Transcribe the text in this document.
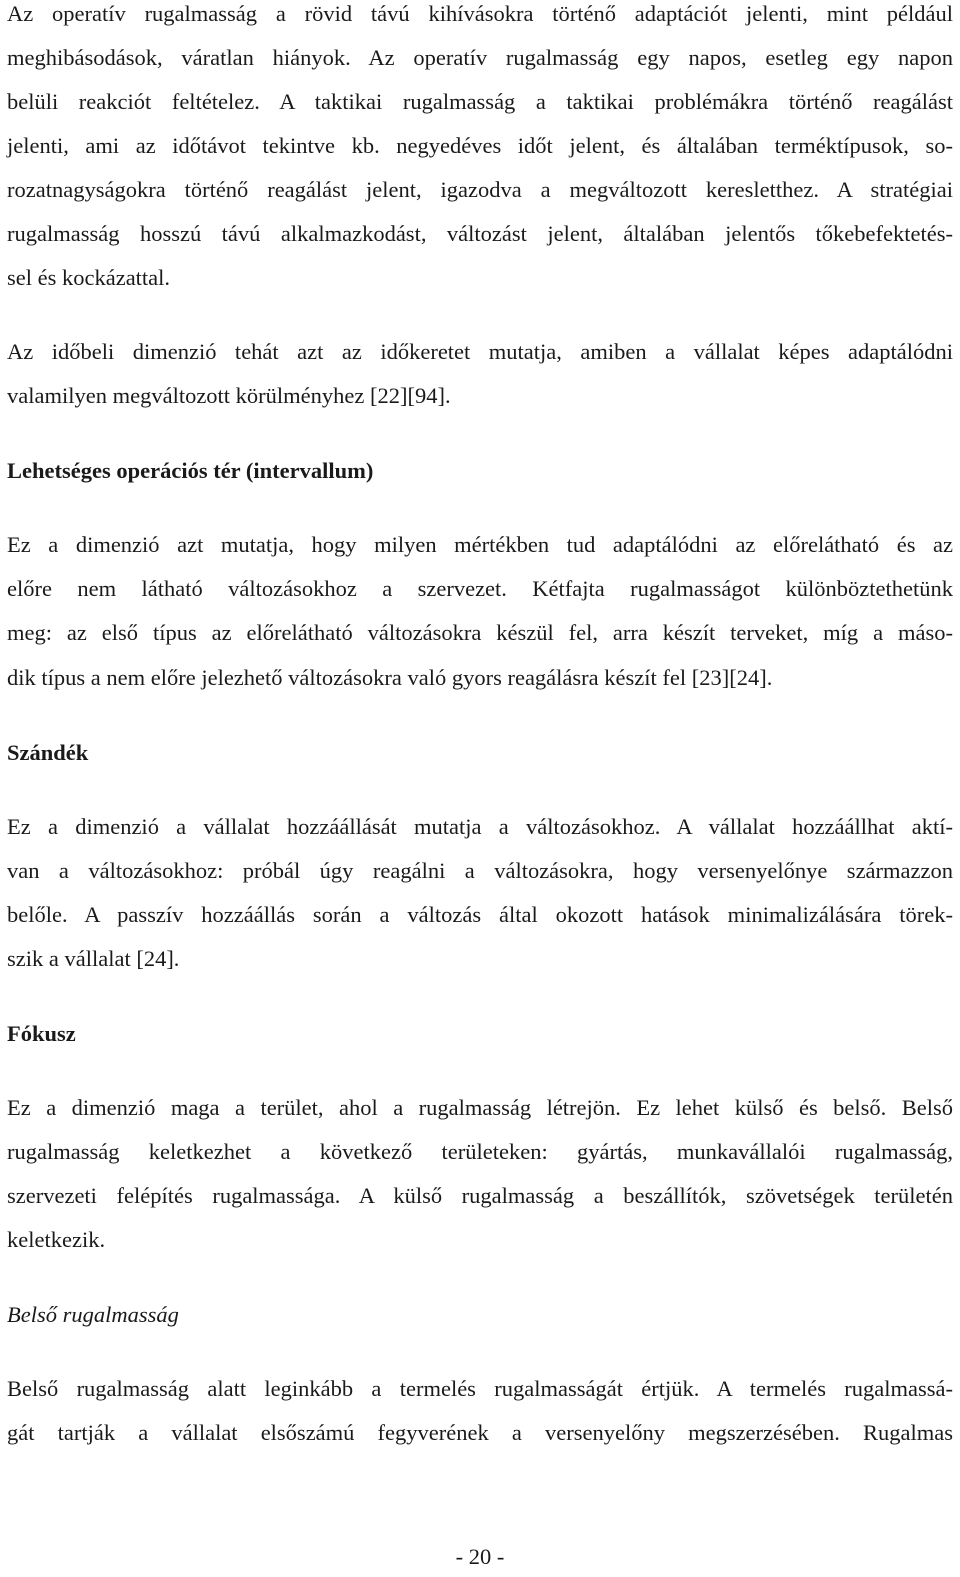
Az operatív rugalmasság a rövid távú kihívásokra történő adaptációt jelenti, mint például
meghibásodások, váratlan hiányok. Az operatív rugalmasság egy napos, esetleg egy napon
belüli reakciót feltételez. A taktikai rugalmasság a taktikai problémákra történő reagálást
jelenti, ami az időtávot tekintve kb. negyedéves időt jelent, és általában terméktípusok, so-
rozatnagyságokra történő reagálást jelent, igazodva a megváltozott keresletthez. A stratégiai
rugalmasság hosszú távú alkalmazkodást, változást jelent, általában jelentős tőkebefektetés-
sel és kockázattal.
Az időbeli dimenzió tehát azt az időkeretet mutatja, amiben a vállalat képes adaptálódni
valamilyen megváltozott körülményhez [22][94].
Lehetséges operációs tér (intervallum)
Ez a dimenzió azt mutatja, hogy milyen mértékben tud adaptálódni az előrelátható és az
előre nem látható változásokhoz a szervezet. Kétfajta rugalmasságot különböztethetünk
meg: az első típus az előrelátható változásokra készül fel, arra készít terveket, míg a máso-
dik típus a nem előre jelezhető változásokra való gyors reagálásra készít fel [23][24].
Szándék
Ez a dimenzió a vállalat hozzáállását mutatja a változásokhoz. A vállalat hozzáállhat aktí-
van a változásokhoz: próbál úgy reagálni a változásokra, hogy versenyelőnye származzon
belőle. A passzív hozzáállás során a változás által okozott hatások minimalizálására törek-
szik a vállalat [24].
Fókusz
Ez a dimenzió maga a terület, ahol a rugalmasság létrejön. Ez lehet külső és belső. Belső
rugalmasság keletkezhet a következő területeken: gyártás, munkavállalói rugalmasság,
szervezeti felépítés rugalmassága. A külső rugalmasság a beszállítók, szövetségek területén
keletkezik.
Belső rugalmasság
Belső rugalmasság alatt leginkább a termelés rugalmasságát értjük. A termelés rugalmassá-
gát tartják a vállalat elsőszámú fegyverének a versenyelőny megszerzésében. Rugalmas
- 20 -
